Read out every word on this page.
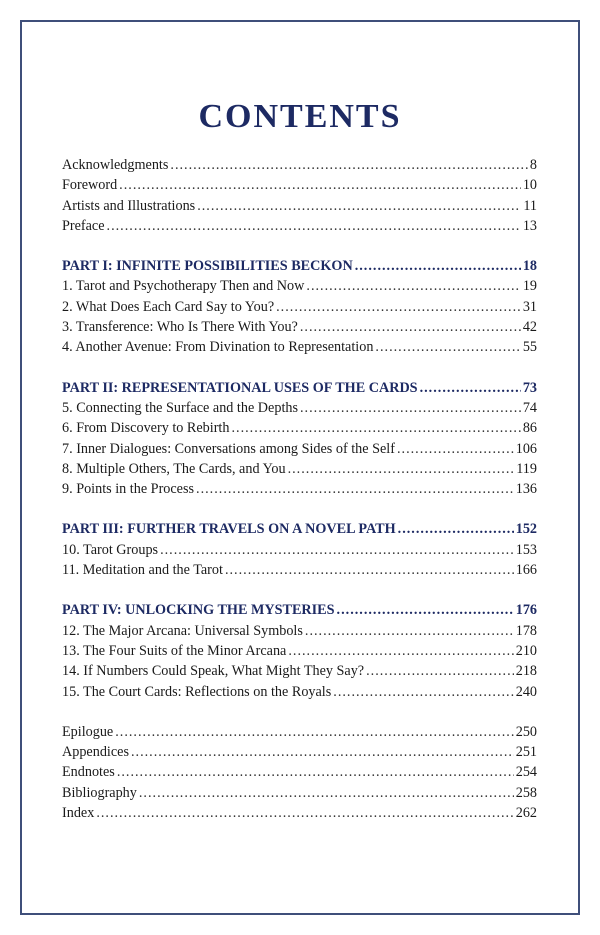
CONTENTS
Acknowledgments .....	8
Foreword .....	10
Artists and Illustrations .....	11
Preface .....	13
PART I: INFINITE POSSIBILITIES BECKON .....	18
1. Tarot and Psychotherapy Then and Now .....	19
2. What Does Each Card Say to You? .....	31
3. Transference: Who Is There With You? .....	42
4. Another Avenue: From Divination to Representation .....	55
PART II: REPRESENTATIONAL USES OF THE CARDS .....	73
5. Connecting the Surface and the Depths .....	74
6. From Discovery to Rebirth .....	86
7. Inner Dialogues: Conversations among Sides of the Self .....	106
8. Multiple Others, The Cards, and You .....	119
9. Points in the Process .....	136
PART III: FURTHER TRAVELS ON A NOVEL PATH .....	152
10. Tarot Groups .....	153
11. Meditation and the Tarot .....	166
PART IV: UNLOCKING THE MYSTERIES .....	176
12. The Major Arcana: Universal Symbols .....	178
13. The Four Suits of the Minor Arcana .....	210
14. If Numbers Could Speak, What Might They Say? .....	218
15. The Court Cards: Reflections on the Royals .....	240
Epilogue .....	250
Appendices .....	251
Endnotes .....	254
Bibliography .....	258
Index .....	262
